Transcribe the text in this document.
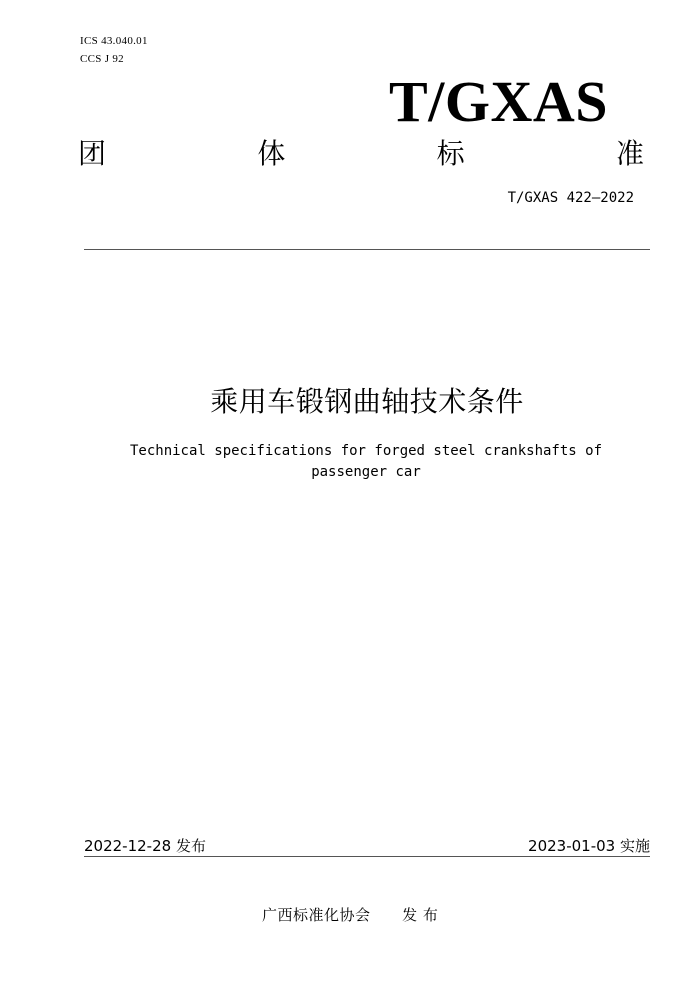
ICS 43.040.01
CCS J 92
T/GXAS
团	体	标	准
T/GXAS 422—2022
乘用车锻钢曲轴技术条件
Technical specifications for forged steel crankshafts of passenger car
2022-12-28 发布	2023-01-03 实施
广西标准化协会      发 布
